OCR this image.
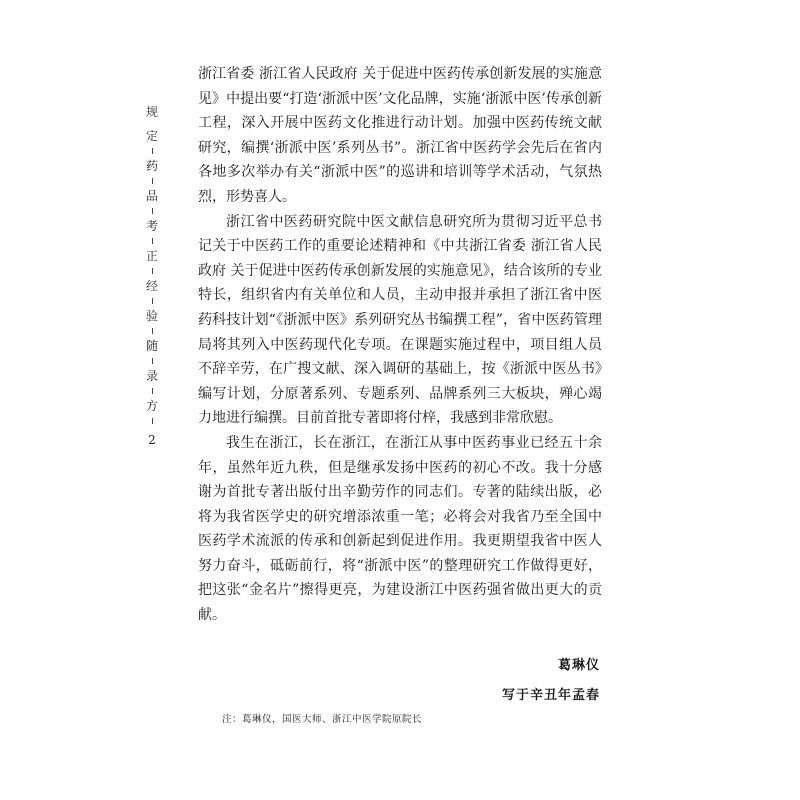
规
定
药
品
考
正
经
验
随
录
方
2

浙江省委 浙江省人民政府 关于促进中医药传承创新发展的实施意见》中提出要“打造‘浙派中医’文化品牌，实施‘浙派中医’传承创新工程，深入开展中医药文化推进行动计划。加强中医药传统文献研究，编撰‘浙派中医’系列丛书”。浙江省中医药学会先后在省内各地多次举办有关“浙派中医”的巡讲和培训等学术活动，气氛热烈，形势喜人。

浙江省中医药研究院中医文献信息研究所为贯彻习近平总书记关于中医药工作的重要论述精神和《中共浙江省委 浙江省人民政府 关于促进中医药传承创新发展的实施意见》，结合该所的专业特长，组织省内有关单位和人员，主动申报并承担了浙江省中医药科技计划“《浙派中医》系列研究丛书编撰工程”，省中医药管理局将其列入中医药现代化专项。在课题实施过程中，项目组人员不辞辛劳，在广搜文献、深入调研的基础上，按《浙派中医丛书》编写计划，分原著系列、专题系列、品牌系列三大板块，殚心竭力地进行编撰。目前首批专著即将付梓，我感到非常欣慰。

我生在浙江，长在浙江，在浙江从事中医药事业已经五十余年，虽然年近九秩，但是继承发扬中医药的初心不改。我十分感谢为首批专著出版付出辛勤劳作的同志们。专著的陆续出版，必将为我省医学史的研究增添浓重一笔；必将会对我省乃至全国中医药学术流派的传承和创新起到促进作用。我更期望我省中医人努力奋斗，砥砺前行，将“浙派中医”的整理研究工作做得更好，把这张“金名片”擦得更亮，为建设浙江中医药强省做出更大的贡献。

葛琳仪
写于辛丑年孟春
注：葛琳仪，国医大师、浙江中医学院原院长
